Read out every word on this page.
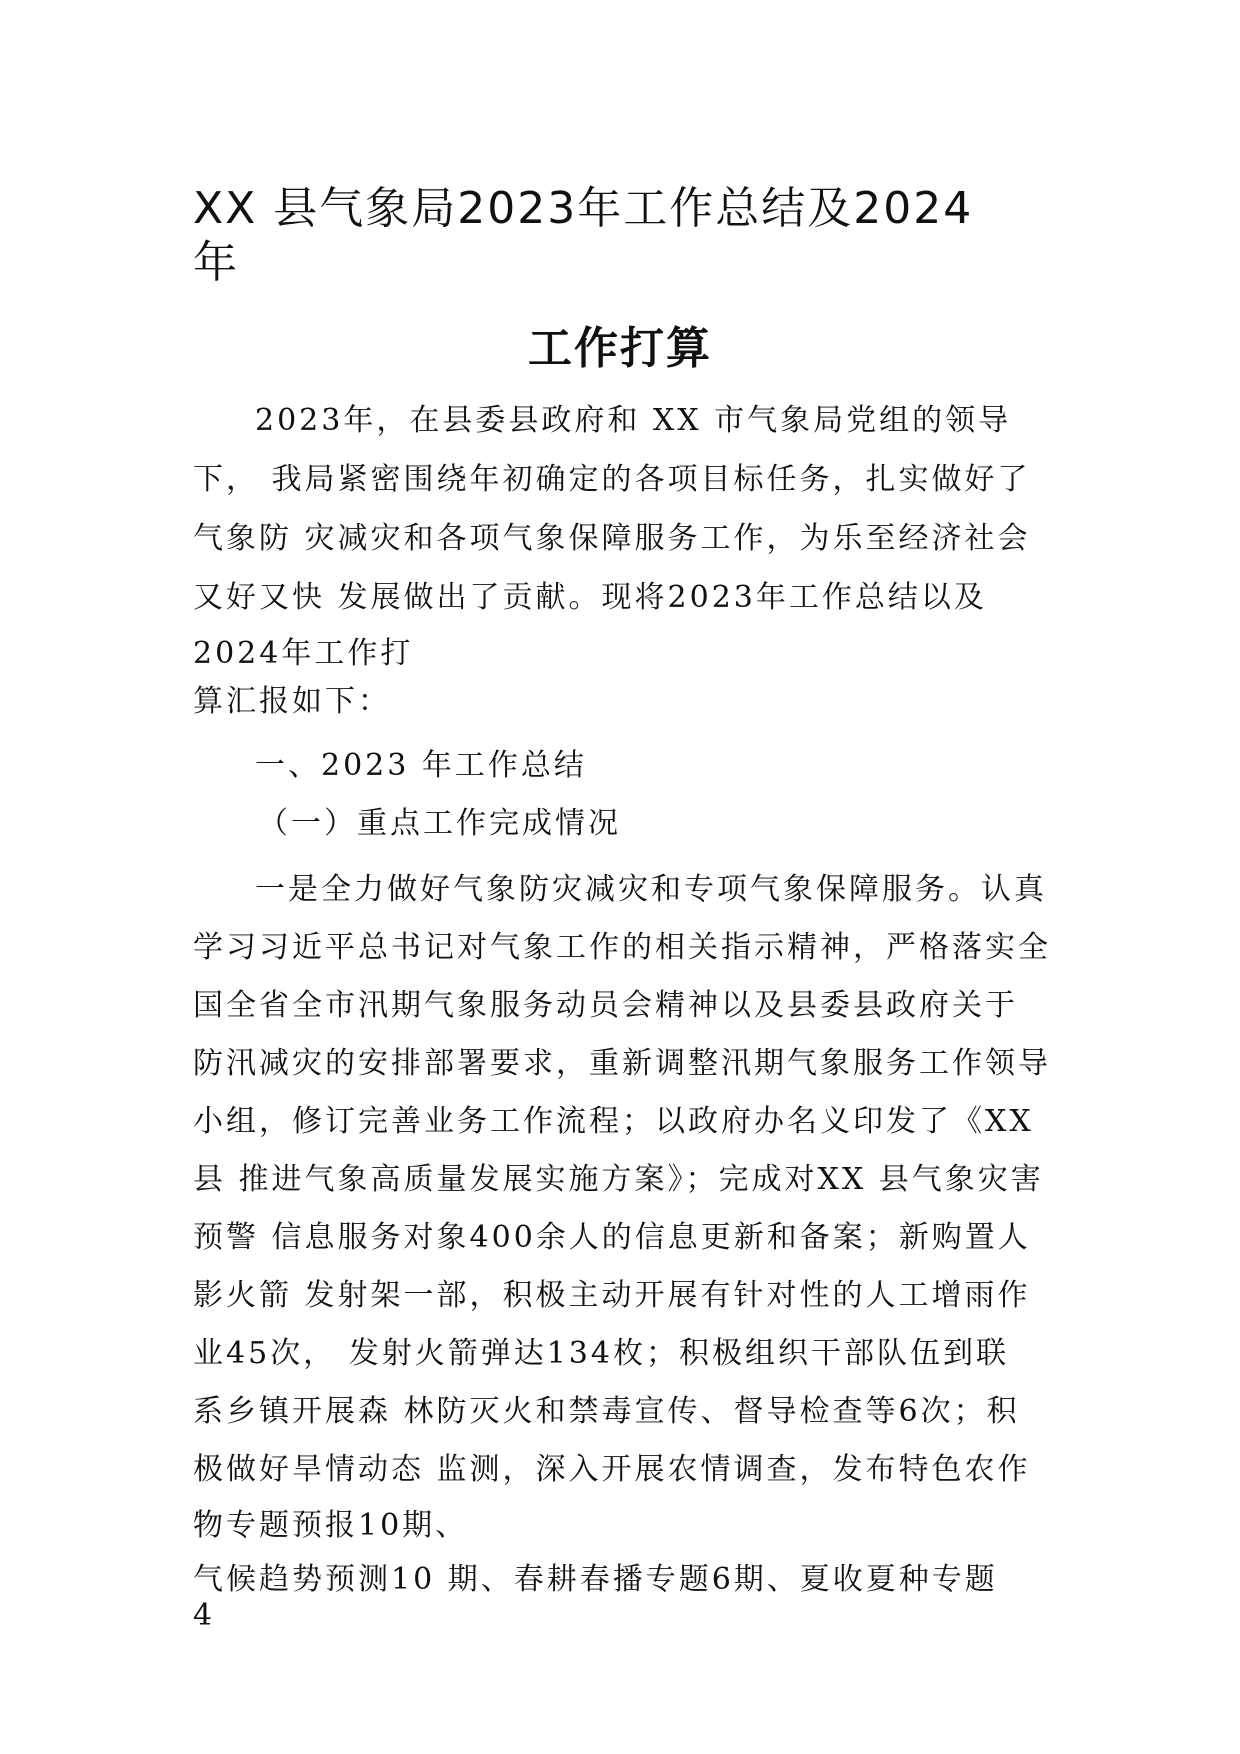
XX 县气象局2023年工作总结及2024
年
工作打算
2023年，在县委县政府和 XX 市气象局党组的领导
下， 我局紧密围绕年初确定的各项目标任务，扎实做好了
气象防 灾减灾和各项气象保障服务工作，为乐至经济社会
又好又快 发展做出了贡献。现将2023年工作总结以及
2024年工作打
算汇报如下：
一、2023 年工作总结
（一）重点工作完成情况
一是全力做好气象防灾减灾和专项气象保障服务。认真
学习习近平总书记对气象工作的相关指示精神，严格落实全
国全省全市汛期气象服务动员会精神以及县委县政府关于
防汛减灾的安排部署要求，重新调整汛期气象服务工作领导
小组，修订完善业务工作流程；以政府办名义印发了《XX
县 推进气象高质量发展实施方案》；完成对XX 县气象灾害
预警 信息服务对象400余人的信息更新和备案；新购置人
影火箭 发射架一部，积极主动开展有针对性的人工增雨作
业45次， 发射火箭弹达134枚；积极组织干部队伍到联
系乡镇开展森 林防灭火和禁毒宣传、督导检查等6次；积
极做好旱情动态 监测，深入开展农情调查，发布特色农作
物专题预报10期、
气候趋势预测10 期、春耕春播专题6期、夏收夏种专题
4
